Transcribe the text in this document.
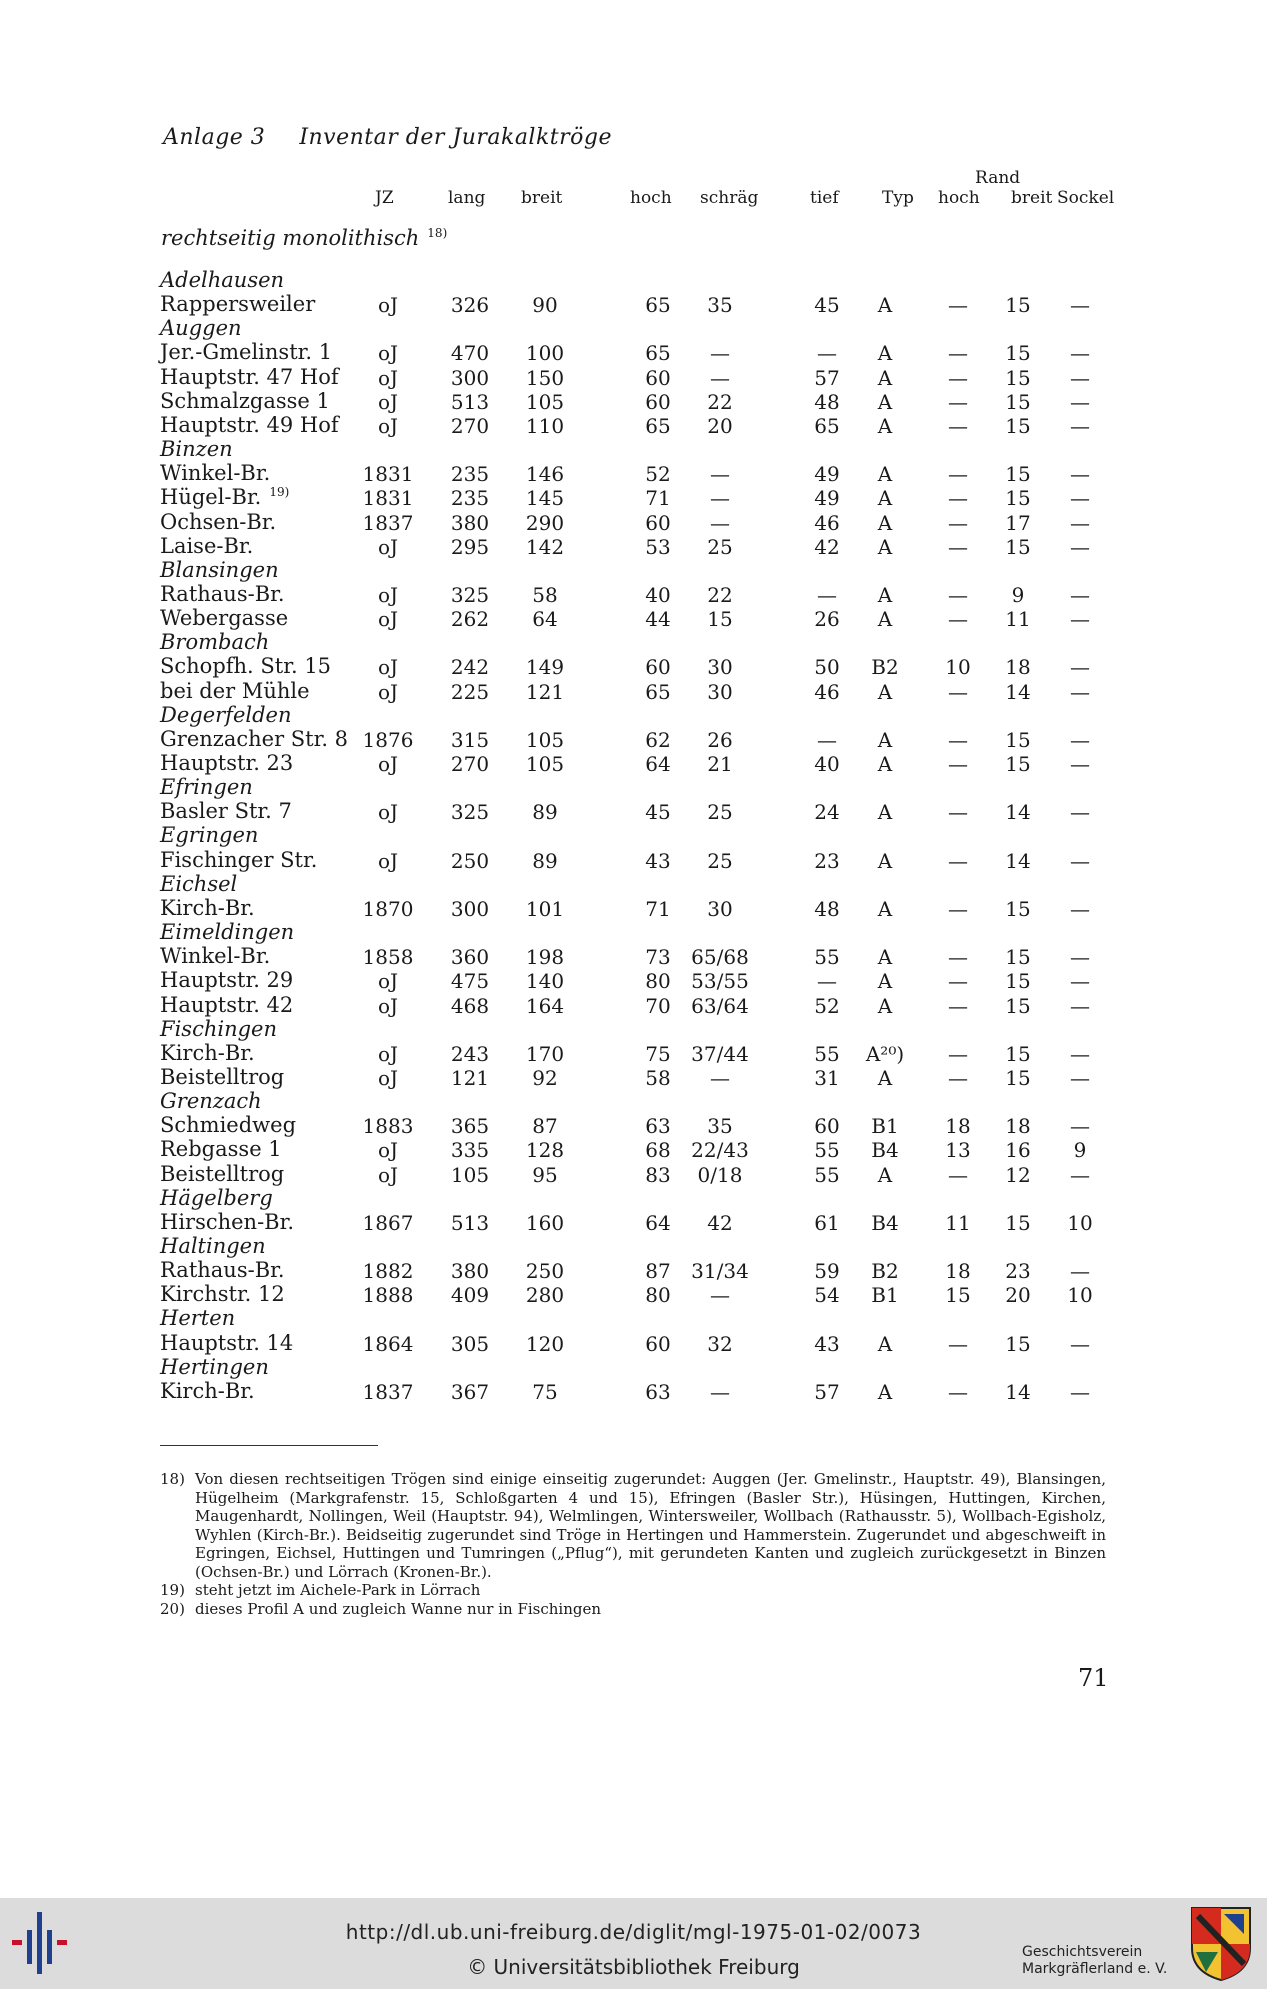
Anlage 3 Inventar der Jurakalktröge
Rand
JZ	lang breit	hoch schräg	tief	Typ hoch breit Sockel
rechtseitig monolithisch $^{18)}$
Adelhausen
Rappersweiler	oJ	326 90	65 35	45 A	— 15 —
Auggen
Jer.-Gmelinstr. 1 oJ	470 100	65 —	— A	— 15 —
Hauptstr. 47 Hof oJ	300 150	60 —	57 A	— 15 —
Schmalzgasse 1 oJ	513 105	60 22	48 A	— 15 —
Hauptstr. 49 Hof oJ	270 110	65 20	65 A	— 15 —
Binzen
Winkel-Br.	1831 235 146	52 —	49 A	— 15 —
Hügel-Br. $^{19)}$	1831 235 145	71 —	49 A	— 15 —
Ochsen-Br.	1837 380 290	60 —	46 A	— 17 —
Laise-Br.	oJ	295 142	53 25	42 A	— 15 —
Blansingen
Rathaus-Br.	oJ	325 58	40 22	— A	— 9 —
Webergasse	oJ	262 64	44 15	26 A	— 11 —
Brombach
Schopfh. Str. 15 oJ	242 149	60 30	50 B2 10 18 —
bei der Mühle	oJ	225 121	65 30	46 A	— 14 —
Degerfelden
Grenzacher Str. 8 1876 315 105	62 26	— A	— 15 —
Hauptstr. 23	oJ	270 105	64 21	40 A	— 15 —
Efringen
Basler Str. 7	oJ	325 89	45 25	24 A	— 14 —
Egringen
Fischinger Str.	oJ	250 89	43 25	23 A	— 14 —
Eichsel
Kirch-Br.	1870 300 101	71 30	48 A	— 15 —
Eimeldingen
Winkel-Br.	1858 360 198	73 65/68	55 A	— 15 —
Hauptstr. 29	oJ	475 140	80 53/55	— A	— 15 —
Hauptstr. 42	oJ	468 164	70 63/64	52 A	— 15 —
Fischingen
Kirch-Br.	oJ	243 170	75 37/44	55 A²⁰) — 15 —
Beistelltrog	oJ	121 92	58 —	31 A	— 15 —
Grenzach
Schmiedweg	1883 365 87	63 35	60 B1 18 18 —
Rebgasse 1	oJ	335 128	68 22/43	55 B4 13 16 9
Beistelltrog	oJ	105 95	83 0/18	55 A	— 12 —
Hägelberg
Hirschen-Br.	1867 513 160	64 42	61 B4 11 15 10
Haltingen
Rathaus-Br.	1882 380 250	87 31/34	59 B2 18 23 —
Kirchstr. 12	1888 409 280	80 —	54 B1 15 20 10
Herten
Hauptstr. 14	1864 305 120	60 32	43 A	— 15 —
Hertingen
Kirch-Br.	1837 367 75	63 —	57 A	— 14 —
18) Von diesen rechtseitigen Trögen sind einige einseitig zugerundet: Auggen (Jer. Gmelinstr., Hauptstr. 49), Blansingen, Hügelheim (Markgrafenstr. 15, Schloßgarten 4 und 15), Efringen (Basler Str.), Hüsingen, Huttingen, Kirchen, Maugenhardt, Nollingen, Weil (Hauptstr. 94), Welmlingen, Wintersweiler, Wollbach (Rathausstr. 5), Wollbach-Egisholz, Wyhlen (Kirch-Br.). Beidseitig zugerundet sind Tröge in Hertingen und Hammerstein. Zugerundet und abgeschweift in Egringen, Eichsel, Huttingen und Tumringen („Pflug“), mit gerundeten Kanten und zugleich zurückgesetzt in Binzen (Ochsen-Br.) und Lörrach (Kronen-Br.).
19) steht jetzt im Aichele-Park in Lörrach
20) dieses Profil A und zugleich Wanne nur in Fischingen
71
http://dl.ub.uni-freiburg.de/diglit/mgl-1975-01-02/0073
© Universitätsbibliothek Freiburg
Geschichtsverein
Markgräflerland e. V.
